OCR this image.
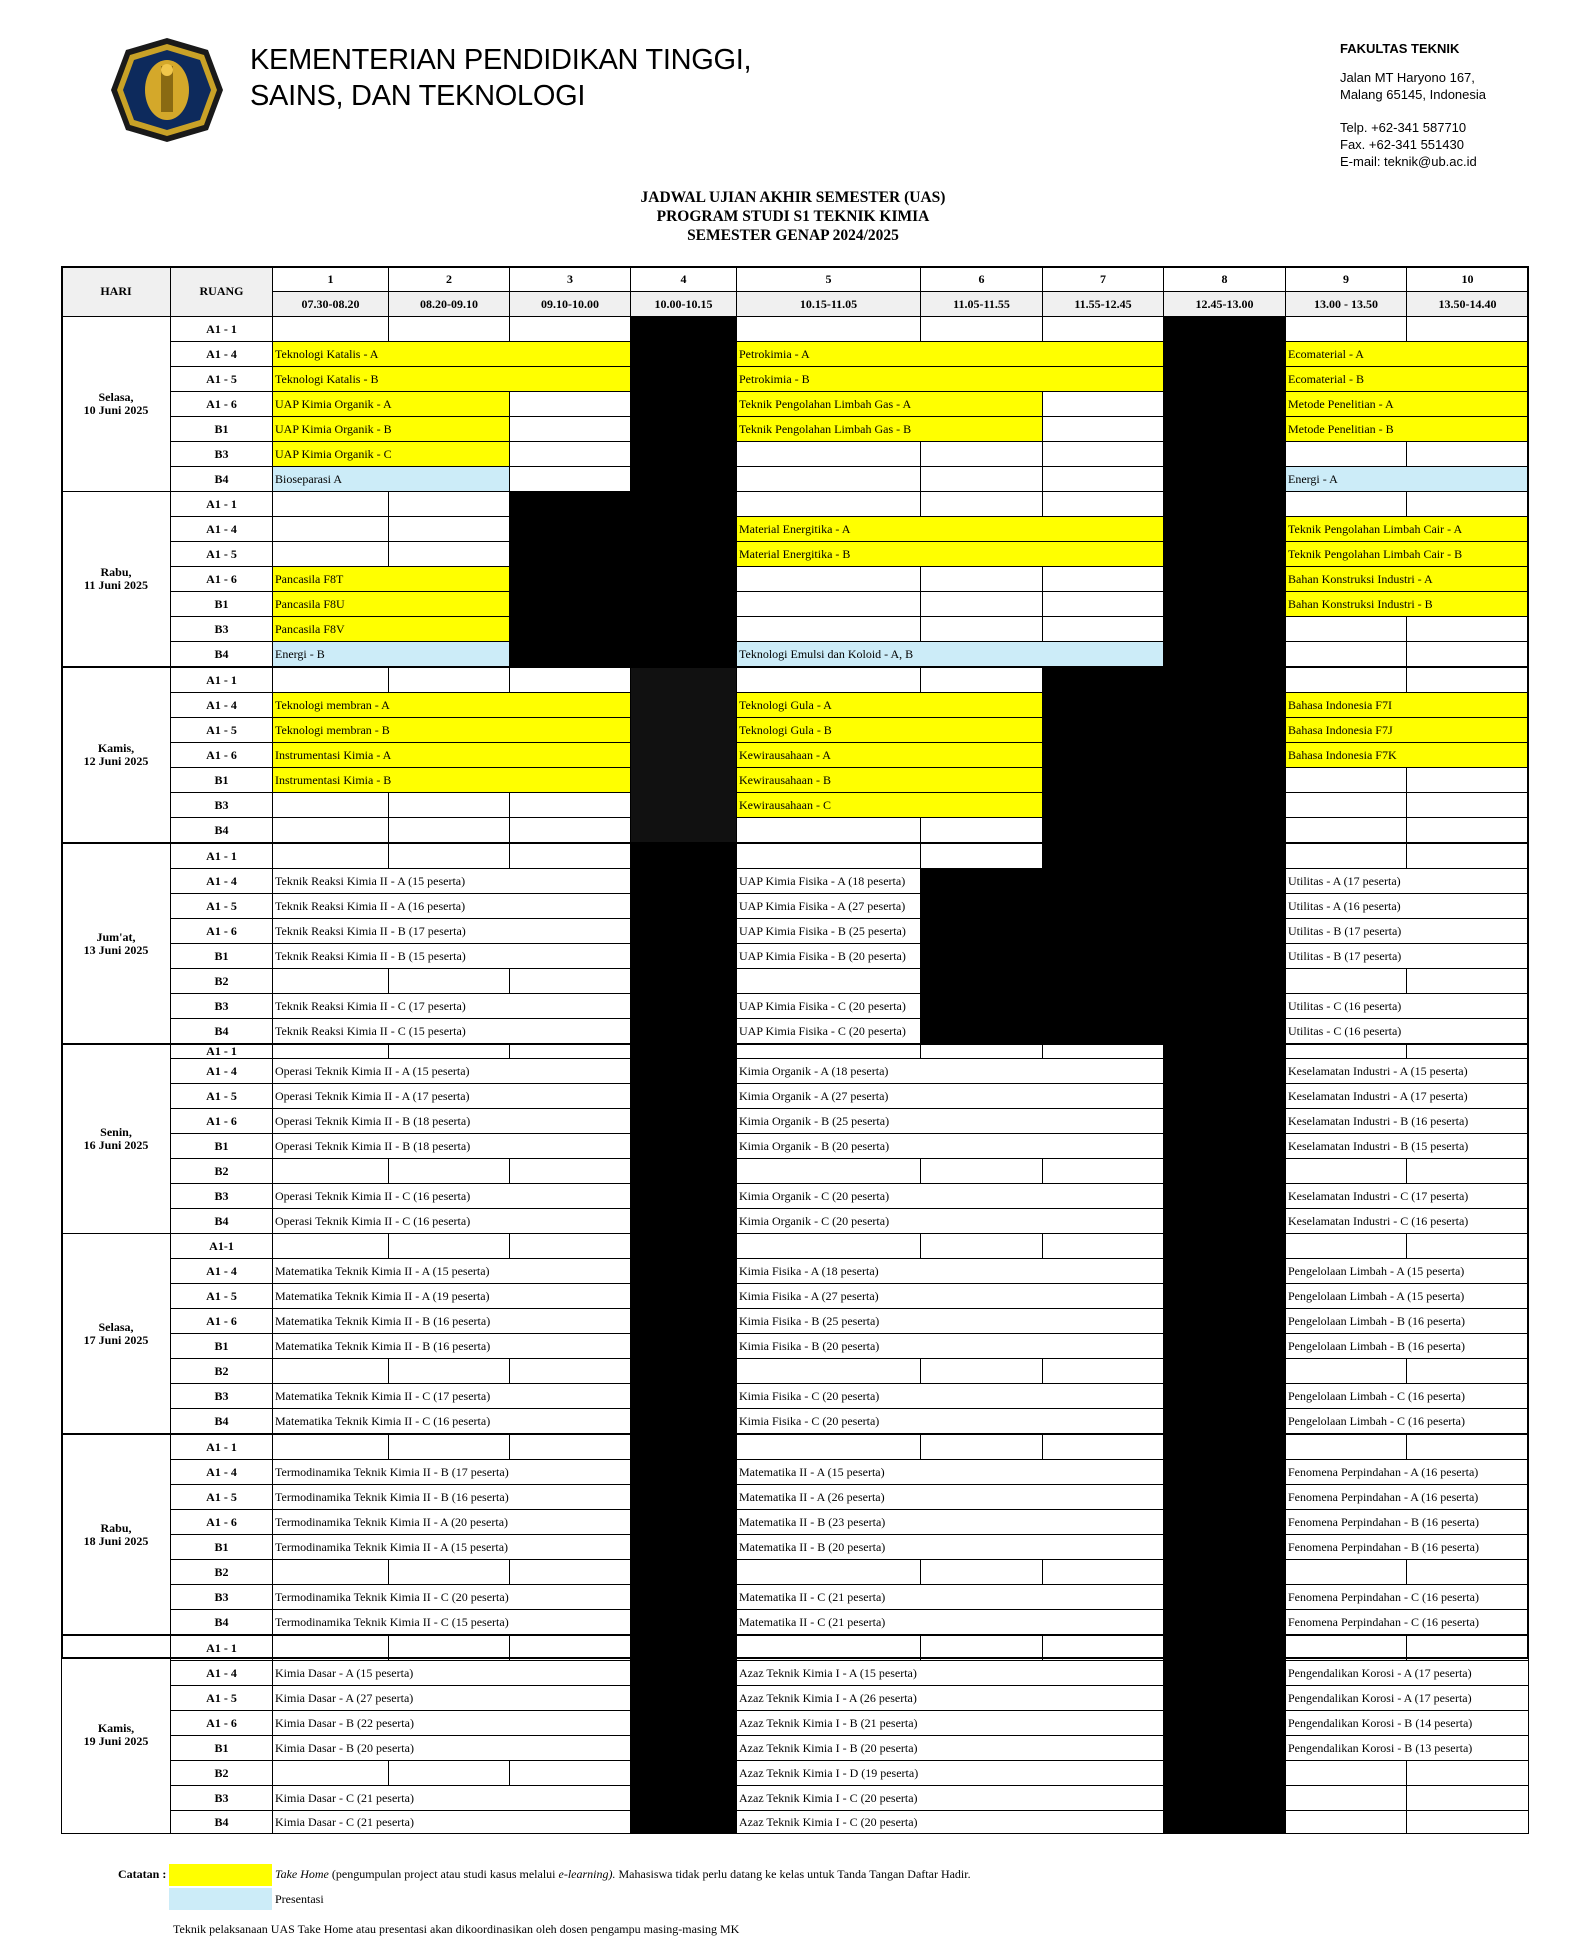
KEMENTERIAN PENDIDIKAN TINGGI,
SAINS, DAN TEKNOLOGI
FAKULTAS TEKNIK
Jalan MT Haryono 167,
Malang 65145, Indonesia
Telp. +62-341 587710
Fax. +62-341 551430
E-mail: teknik@ub.ac.id
JADWAL UJIAN AKHIR SEMESTER (UAS)
PROGRAM STUDI S1 TEKNIK KIMIA
SEMESTER GENAP 2024/2025
HARI	RUANG
1
07.30-08.20
2
08.20-09.10
3
09.10-10.00
4
10.00-10.15
5
10.15-11.05
6
11.05-11.55
7
11.55-12.45
8
12.45-13.00
9
13.00 - 13.50
10
13.50-14.40
Selasa,
10 Juni 2025
A1 - 1
A1 - 4
A1 - 5
A1 - 6
B1
B3
B4
Teknologi Katalis - A
Teknologi Katalis - B
UAP Kimia Organik - A
UAP Kimia Organik - B
UAP Kimia Organik - C
Bioseparasi A
Petrokimia - A
Petrokimia - B
Teknik Pengolahan Limbah Gas - A
Teknik Pengolahan Limbah Gas - B
Ecomaterial - A
Ecomaterial - B
Metode Penelitian - A
Metode Penelitian - B
Energi - A
Rabu,
11 Juni 2025
A1 - 1
A1 - 4
A1 - 5
A1 - 6
B1
B3
B4
Pancasila F8T
Pancasila F8U
Pancasila F8V
Energi - B
Material Energitika - A
Material Energitika - B
Teknologi Emulsi dan Koloid - A, B
Teknik Pengolahan Limbah Cair - A
Teknik Pengolahan Limbah Cair - B
Bahan Konstruksi Industri - A
Bahan Konstruksi Industri - B
Kamis,
12 Juni 2025
A1 - 1
A1 - 4
A1 - 5
A1 - 6
B1
B3
B4
Teknologi membran - A
Teknologi membran - B
Instrumentasi Kimia - A
Instrumentasi Kimia - B
Teknologi Gula - A
Teknologi Gula - B
Kewirausahaan - A
Kewirausahaan - B
Kewirausahaan - C
Bahasa Indonesia F7I
Bahasa Indonesia F7J
Bahasa Indonesia F7K
Jum'at,
13 Juni 2025
A1 - 1
A1 - 4
A1 - 5
A1 - 6
B1
B2
B3
B4
Teknik Reaksi Kimia II - A (15 peserta)
Teknik Reaksi Kimia II - A (16 peserta)
Teknik Reaksi Kimia II - B (17 peserta)
Teknik Reaksi Kimia II - B (15 peserta)
Teknik Reaksi Kimia II - C (17 peserta)
Teknik Reaksi Kimia II - C (15 peserta)
UAP Kimia Fisika - A (18 peserta)
UAP Kimia Fisika - A (27 peserta)
UAP Kimia Fisika - B (25 peserta)
UAP Kimia Fisika - B (20 peserta)
UAP Kimia Fisika - C (20 peserta)
UAP Kimia Fisika - C (20 peserta)
Utilitas - A (17 peserta)
Utilitas - A (16 peserta)
Utilitas - B (17 peserta)
Utilitas - B (17 peserta)
Utilitas - C (16 peserta)
Utilitas - C (16 peserta)
Senin,
16 Juni 2025
A1 - 1
A1 - 4
A1 - 5
A1 - 6
B1
B2
B3
B4
Operasi Teknik Kimia II - A (15 peserta)
Operasi Teknik Kimia II - A (17 peserta)
Operasi Teknik Kimia II - B (18 peserta)
Operasi Teknik Kimia II - B (18 peserta)
Operasi Teknik Kimia II - C (16 peserta)
Operasi Teknik Kimia II - C (16 peserta)
Kimia Organik - A (18 peserta)
Kimia Organik - A (27 peserta)
Kimia Organik - B (25 peserta)
Kimia Organik - B (20 peserta)
Kimia Organik - C (20 peserta)
Kimia Organik - C (20 peserta)
Keselamatan Industri - A (15 peserta)
Keselamatan Industri - A (17 peserta)
Keselamatan Industri - B (16 peserta)
Keselamatan Industri - B (15 peserta)
Keselamatan Industri - C (17 peserta)
Keselamatan Industri - C (16 peserta)
Selasa,
17 Juni 2025
A1-1
A1 - 4
A1 - 5
A1 - 6
B1
B2
B3
B4
Matematika Teknik Kimia II - A (15 peserta)
Matematika Teknik Kimia II - A (19 peserta)
Matematika Teknik Kimia II - B (16 peserta)
Matematika Teknik Kimia II - B (16 peserta)
Matematika Teknik Kimia II - C (17 peserta)
Matematika Teknik Kimia II - C (16 peserta)
Kimia Fisika - A (18 peserta)
Kimia Fisika - A (27 peserta)
Kimia Fisika - B (25 peserta)
Kimia Fisika - B (20 peserta)
Kimia Fisika - C (20 peserta)
Kimia Fisika - C (20 peserta)
Pengelolaan Limbah - A (15 peserta)
Pengelolaan Limbah - A (15 peserta)
Pengelolaan Limbah - B (16 peserta)
Pengelolaan Limbah - B (16 peserta)
Pengelolaan Limbah - C (16 peserta)
Pengelolaan Limbah - C (16 peserta)
Rabu,
18 Juni 2025
A1 - 1
A1 - 4
A1 - 5
A1 - 6
B1
B2
B3
B4
Termodinamika Teknik Kimia II - B (17 peserta)
Termodinamika Teknik Kimia II - B (16 peserta)
Termodinamika Teknik Kimia II - A (20 peserta)
Termodinamika Teknik Kimia II - A (15 peserta)
Termodinamika Teknik Kimia II - C (20 peserta)
Termodinamika Teknik Kimia II - C (15 peserta)
Matematika II - A (15 peserta)
Matematika II - A (26 peserta)
Matematika II - B (23 peserta)
Matematika II - B (20 peserta)
Matematika II - C (21 peserta)
Matematika II - C (21 peserta)
Fenomena Perpindahan - A (16 peserta)
Fenomena Perpindahan - A (16 peserta)
Fenomena Perpindahan - B (16 peserta)
Fenomena Perpindahan - B (16 peserta)
Fenomena Perpindahan - C (16 peserta)
Fenomena Perpindahan - C (16 peserta)
Kamis,
19 Juni 2025
A1 - 1
A1 - 4
A1 - 5
A1 - 6
B1
B2
B3
B4
Kimia Dasar - A (15 peserta)
Kimia Dasar - A (27 peserta)
Kimia Dasar - B (22 peserta)
Kimia Dasar - B (20 peserta)
Kimia Dasar - C (21 peserta)
Kimia Dasar - C (21 peserta)
Azaz Teknik Kimia I - A (15 peserta)
Azaz Teknik Kimia I - A (26 peserta)
Azaz Teknik Kimia I - B (21 peserta)
Azaz Teknik Kimia I - B (20 peserta)
Azaz Teknik Kimia I - D (19 peserta)
Azaz Teknik Kimia I - C (20 peserta)
Azaz Teknik Kimia I - C (20 peserta)
Pengendalikan Korosi - A (17 peserta)
Pengendalikan Korosi - A (17 peserta)
Pengendalikan Korosi - B (14 peserta)
Pengendalikan Korosi - B (13 peserta)
Catatan :	Take Home (pengumpulan project atau studi kasus melalui e-learning). Mahasiswa tidak perlu datang ke kelas untuk Tanda Tangan Daftar Hadir.
Presentasi
Teknik pelaksanaan UAS Take Home atau presentasi akan dikoordinasikan oleh dosen pengampu masing-masing MK
